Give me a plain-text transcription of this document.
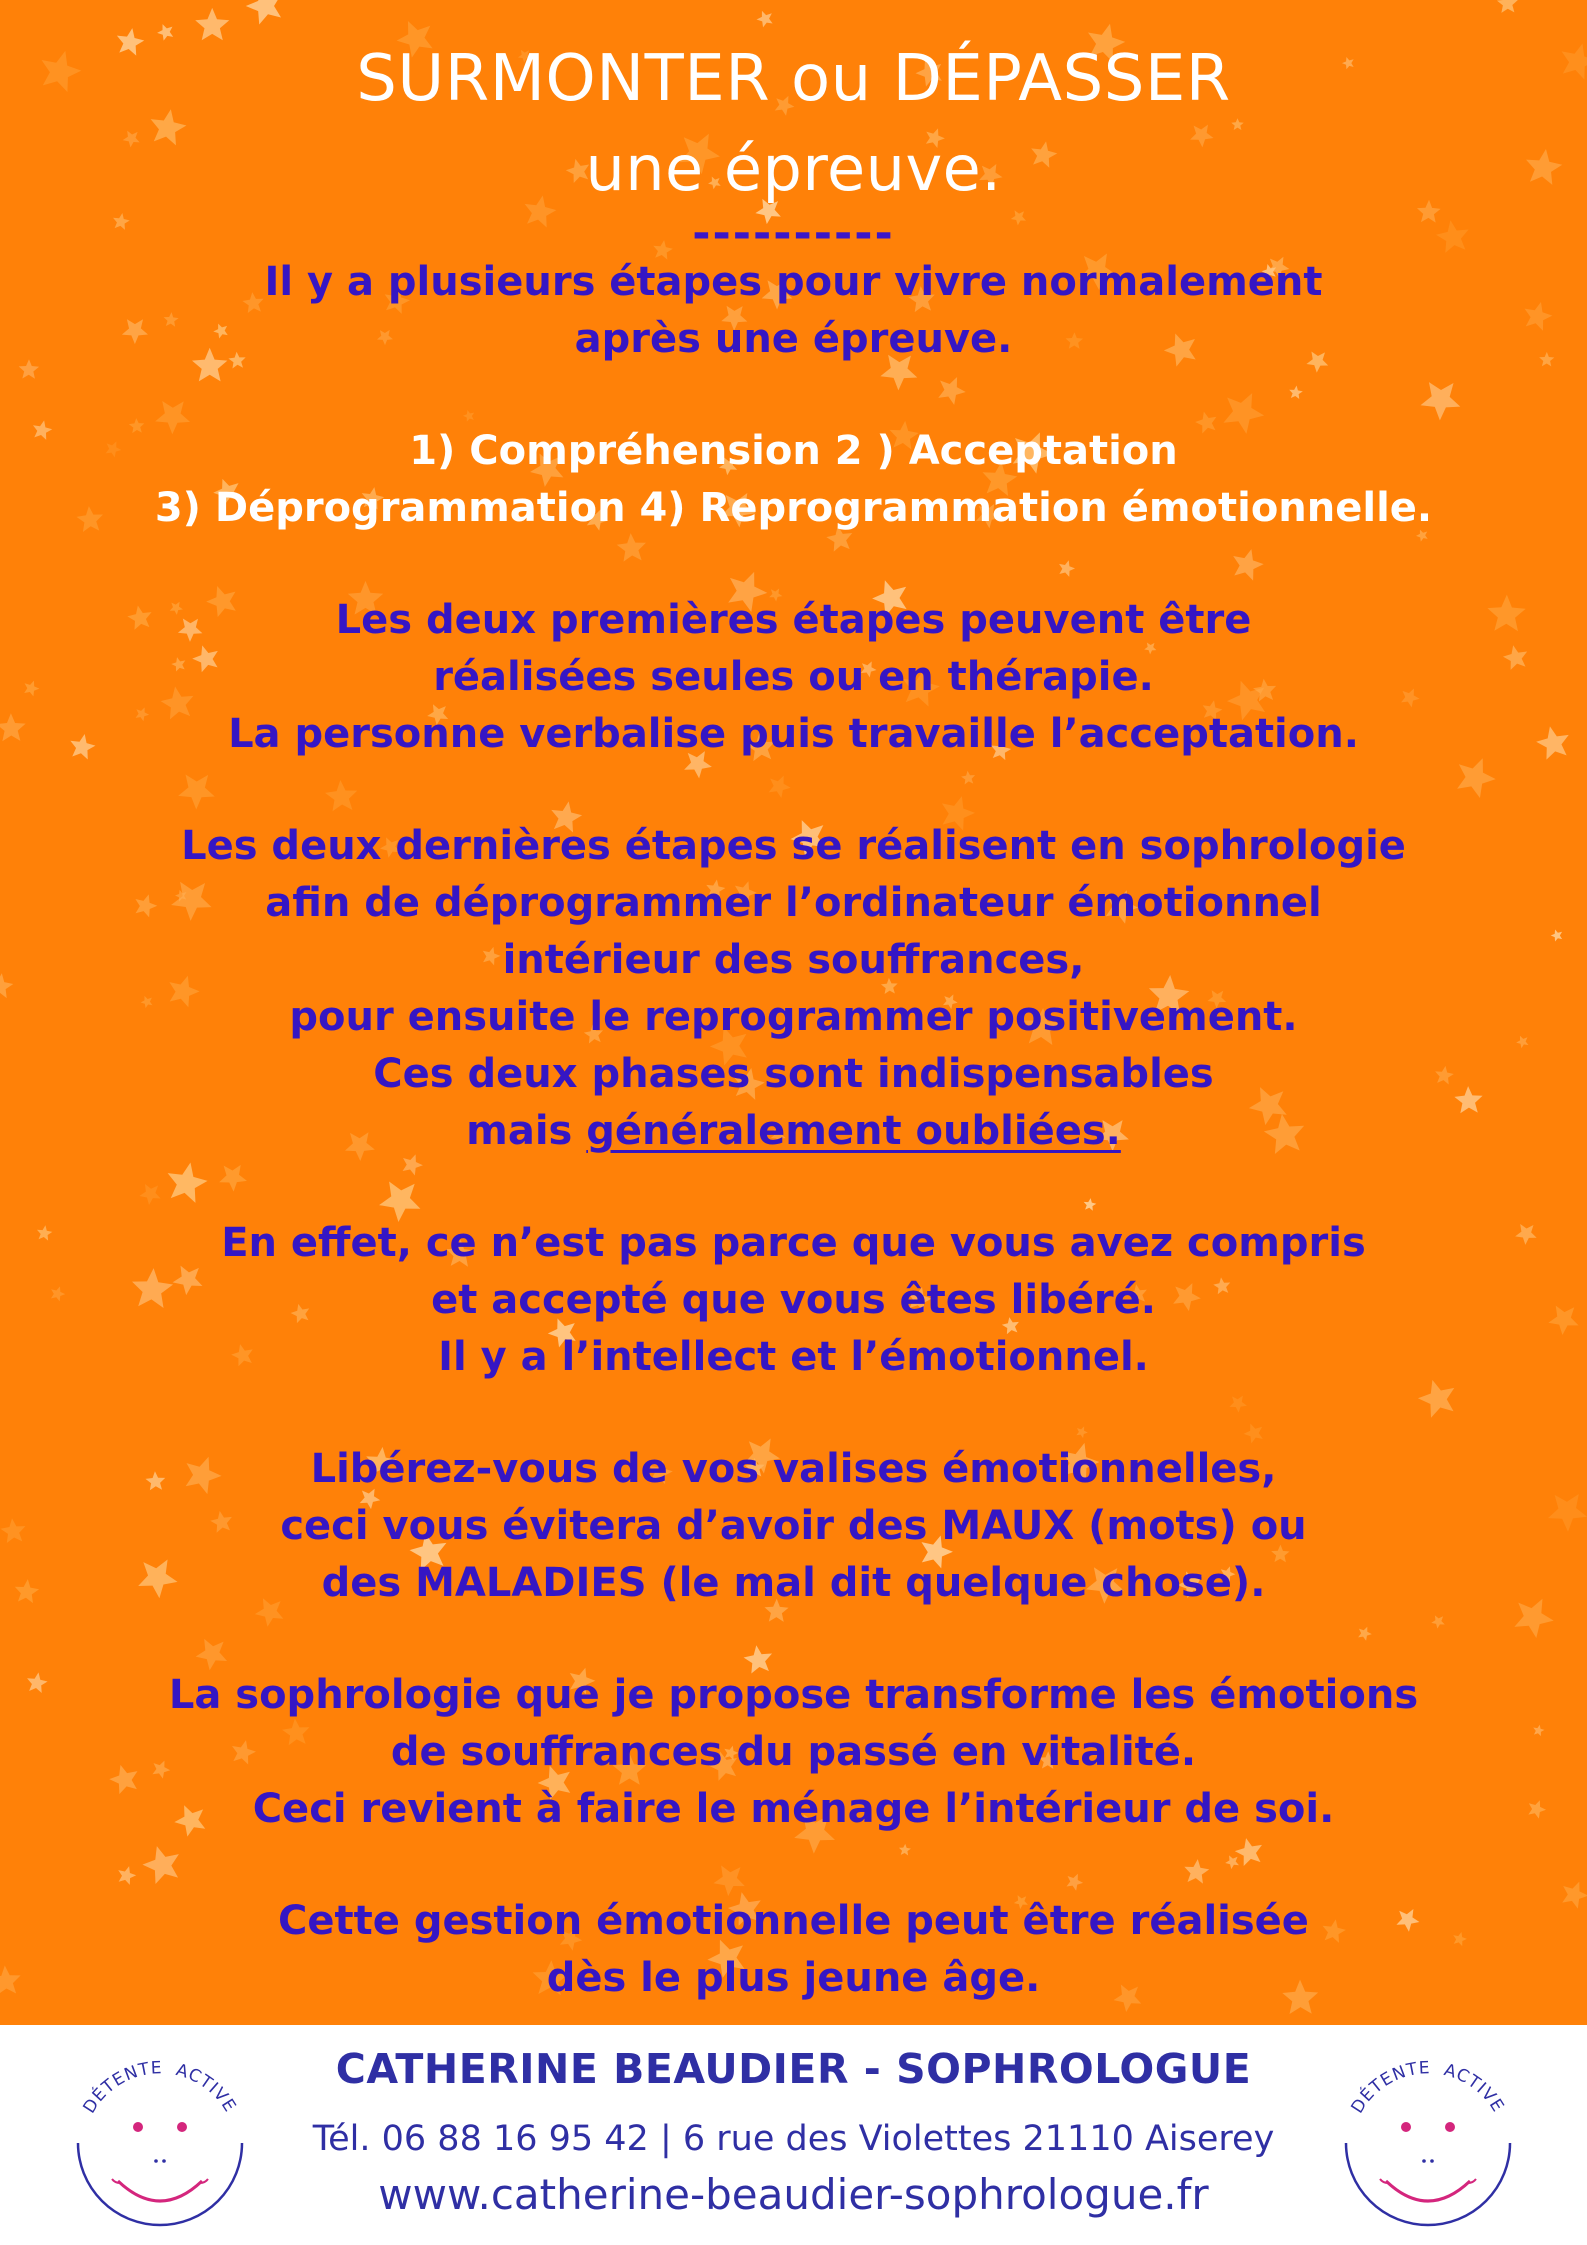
SURMONTER ou DÉPASSER
une épreuve.
----------
Il y a plusieurs étapes pour vivre normalement
après une épreuve.
1) Compréhension 2 ) Acceptation
3) Déprogrammation 4) Reprogrammation émotionnelle.
Les deux premières étapes peuvent être
réalisées seules ou en thérapie.
La personne verbalise puis travaille l’acceptation.
Les deux dernières étapes se réalisent en sophrologie
afin de déprogrammer l’ordinateur émotionnel
intérieur des souffrances,
pour ensuite le reprogrammer positivement.
Ces deux phases sont indispensables
mais généralement oubliées.
En effet, ce n’est pas parce que vous avez compris
et accepté que vous êtes libéré.
Il y a l’intellect et l’émotionnel.
Libérez-vous de vos valises émotionnelles,
ceci vous évitera d’avoir des MAUX (mots) ou
des MALADIES (le mal dit quelque chose).
La sophrologie que je propose transforme les émotions
de souffrances du passé en vitalité.
Ceci revient à faire le ménage l’intérieur de soi.
Cette gestion émotionnelle peut être réalisée
dès le plus jeune âge.
DÉTENTE ACTIVE	DÉTENTE ACTIVE
CATHERINE BEAUDIER - SOPHROLOGUE
Tél. 06 88 16 95 42 | 6 rue des Violettes 21110 Aiserey
www.catherine-beaudier-sophrologue.fr
